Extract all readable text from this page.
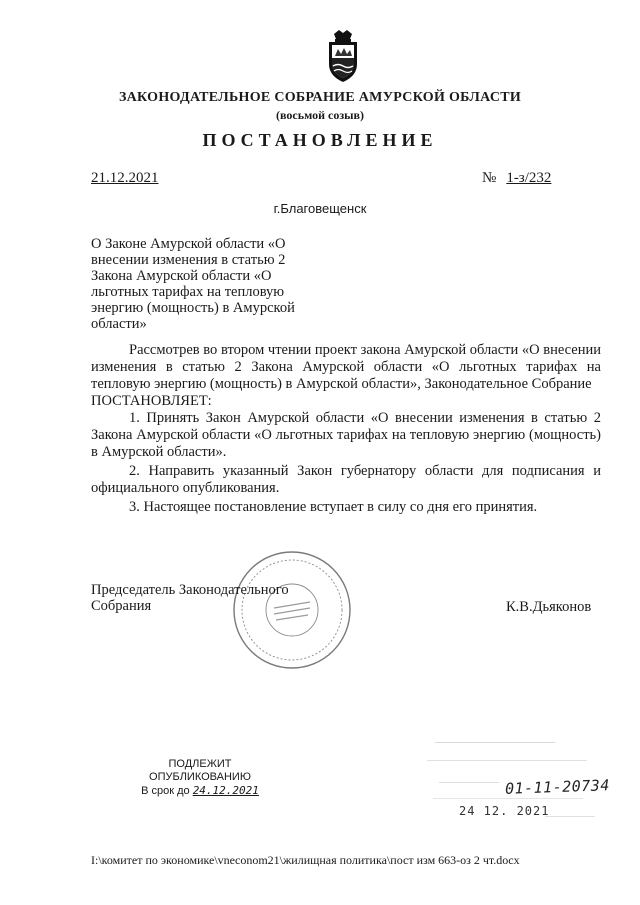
ЗАКОНОДАТЕЛЬНОЕ СОБРАНИЕ АМУРСКОЙ ОБЛАСТИ
(восьмой созыв)
ПОСТАНОВЛЕНИЕ
21.12.2021	№ 1-з/232
г.Благовещенск
О Законе Амурской области «О внесении изменения в статью 2 Закона Амурской области «О льготных тарифах на тепловую энергию (мощность) в Амурской области»

Рассмотрев во втором чтении проект закона Амурской области «О внесении изменения в статью 2 Закона Амурской области «О льготных тарифах на тепловую энергию (мощность) в Амурской области», Законодательное Собрание

ПОСТАНОВЛЯЕТ:

1. Принять Закон Амурской области «О внесении изменения в статью 2 Закона Амурской области «О льготных тарифах на тепловую энергию (мощность) в Амурской области».

2. Направить указанный Закон губернатору области для подписания и официального опубликования.

3. Настоящее постановление вступает в силу со дня его принятия.

Председатель Законодательного
Собрания	К.В.Дьяконов
ПОДЛЕЖИТ
ОПУБЛИКОВАНИЮ
В срок до 24.12.2021	01-11-20734
24 12. 2021
I:\комитет по экономике\vneconom21\жилищная политика\пост изм 663-оз 2 чт.docx
